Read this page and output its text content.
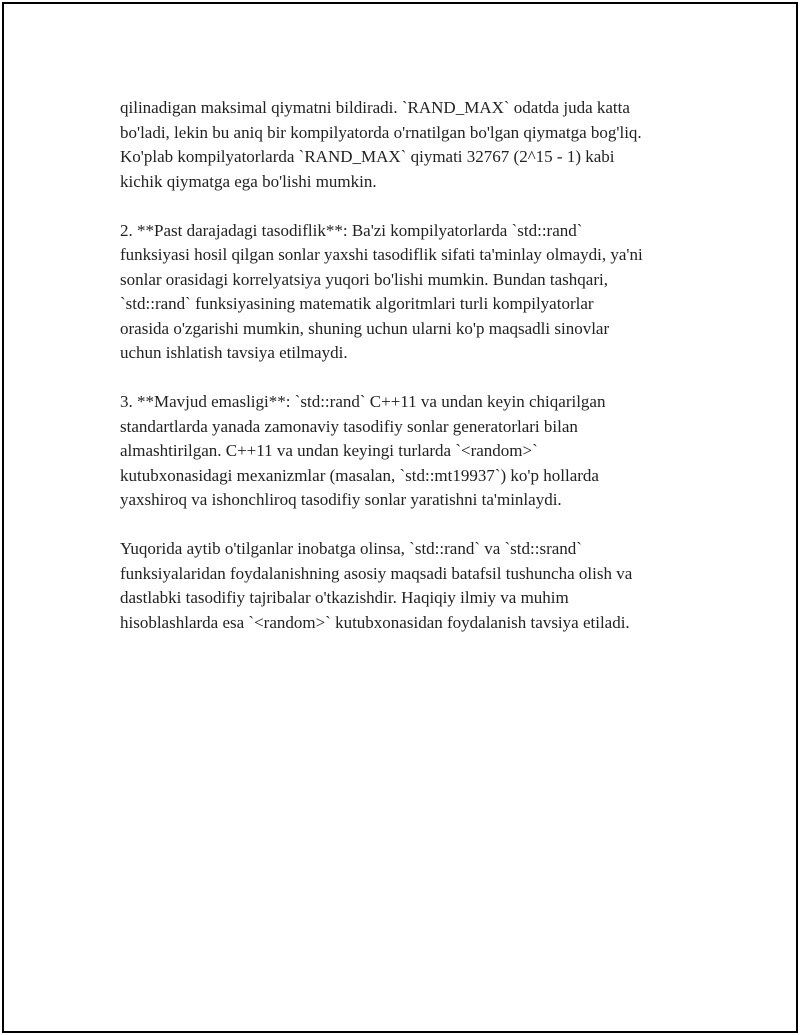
qilinadigan maksimal qiymatni bildiradi. `RAND_MAX` odatda juda katta
bo'ladi, lekin bu aniq bir kompilyatorda o'rnatilgan bo'lgan qiymatga bog'liq.
Ko'plab kompilyatorlarda `RAND_MAX` qiymati 32767 (2^15 - 1) kabi
kichik qiymatga ega bo'lishi mumkin.

2. **Past darajadagi tasodiflik**: Ba'zi kompilyatorlarda `std::rand`
funksiyasi hosil qilgan sonlar yaxshi tasodiflik sifati ta'minlay olmaydi, ya'ni
sonlar orasidagi korrelyatsiya yuqori bo'lishi mumkin. Bundan tashqari,
`std::rand` funksiyasining matematik algoritmlari turli kompilyatorlar
orasida o'zgarishi mumkin, shuning uchun ularni ko'p maqsadli sinovlar
uchun ishlatish tavsiya etilmaydi.

3. **Mavjud emasligi**: `std::rand` C++11 va undan keyin chiqarilgan
standartlarda yanada zamonaviy tasodifiy sonlar generatorlari bilan
almashtirilgan. C++11 va undan keyingi turlarda `<random>`
kutubxonasidagi mexanizmlar (masalan, `std::mt19937`) ko'p hollarda
yaxshiroq va ishonchliroq tasodifiy sonlar yaratishni ta'minlaydi.

Yuqorida aytib o'tilganlar inobatga olinsa, `std::rand` va `std::srand`
funksiyalaridan foydalanishning asosiy maqsadi batafsil tushuncha olish va
dastlabki tasodifiy tajribalar o'tkazishdir. Haqiqiy ilmiy va muhim
hisoblashlarda esa `<random>` kutubxonasidan foydalanish tavsiya etiladi.
